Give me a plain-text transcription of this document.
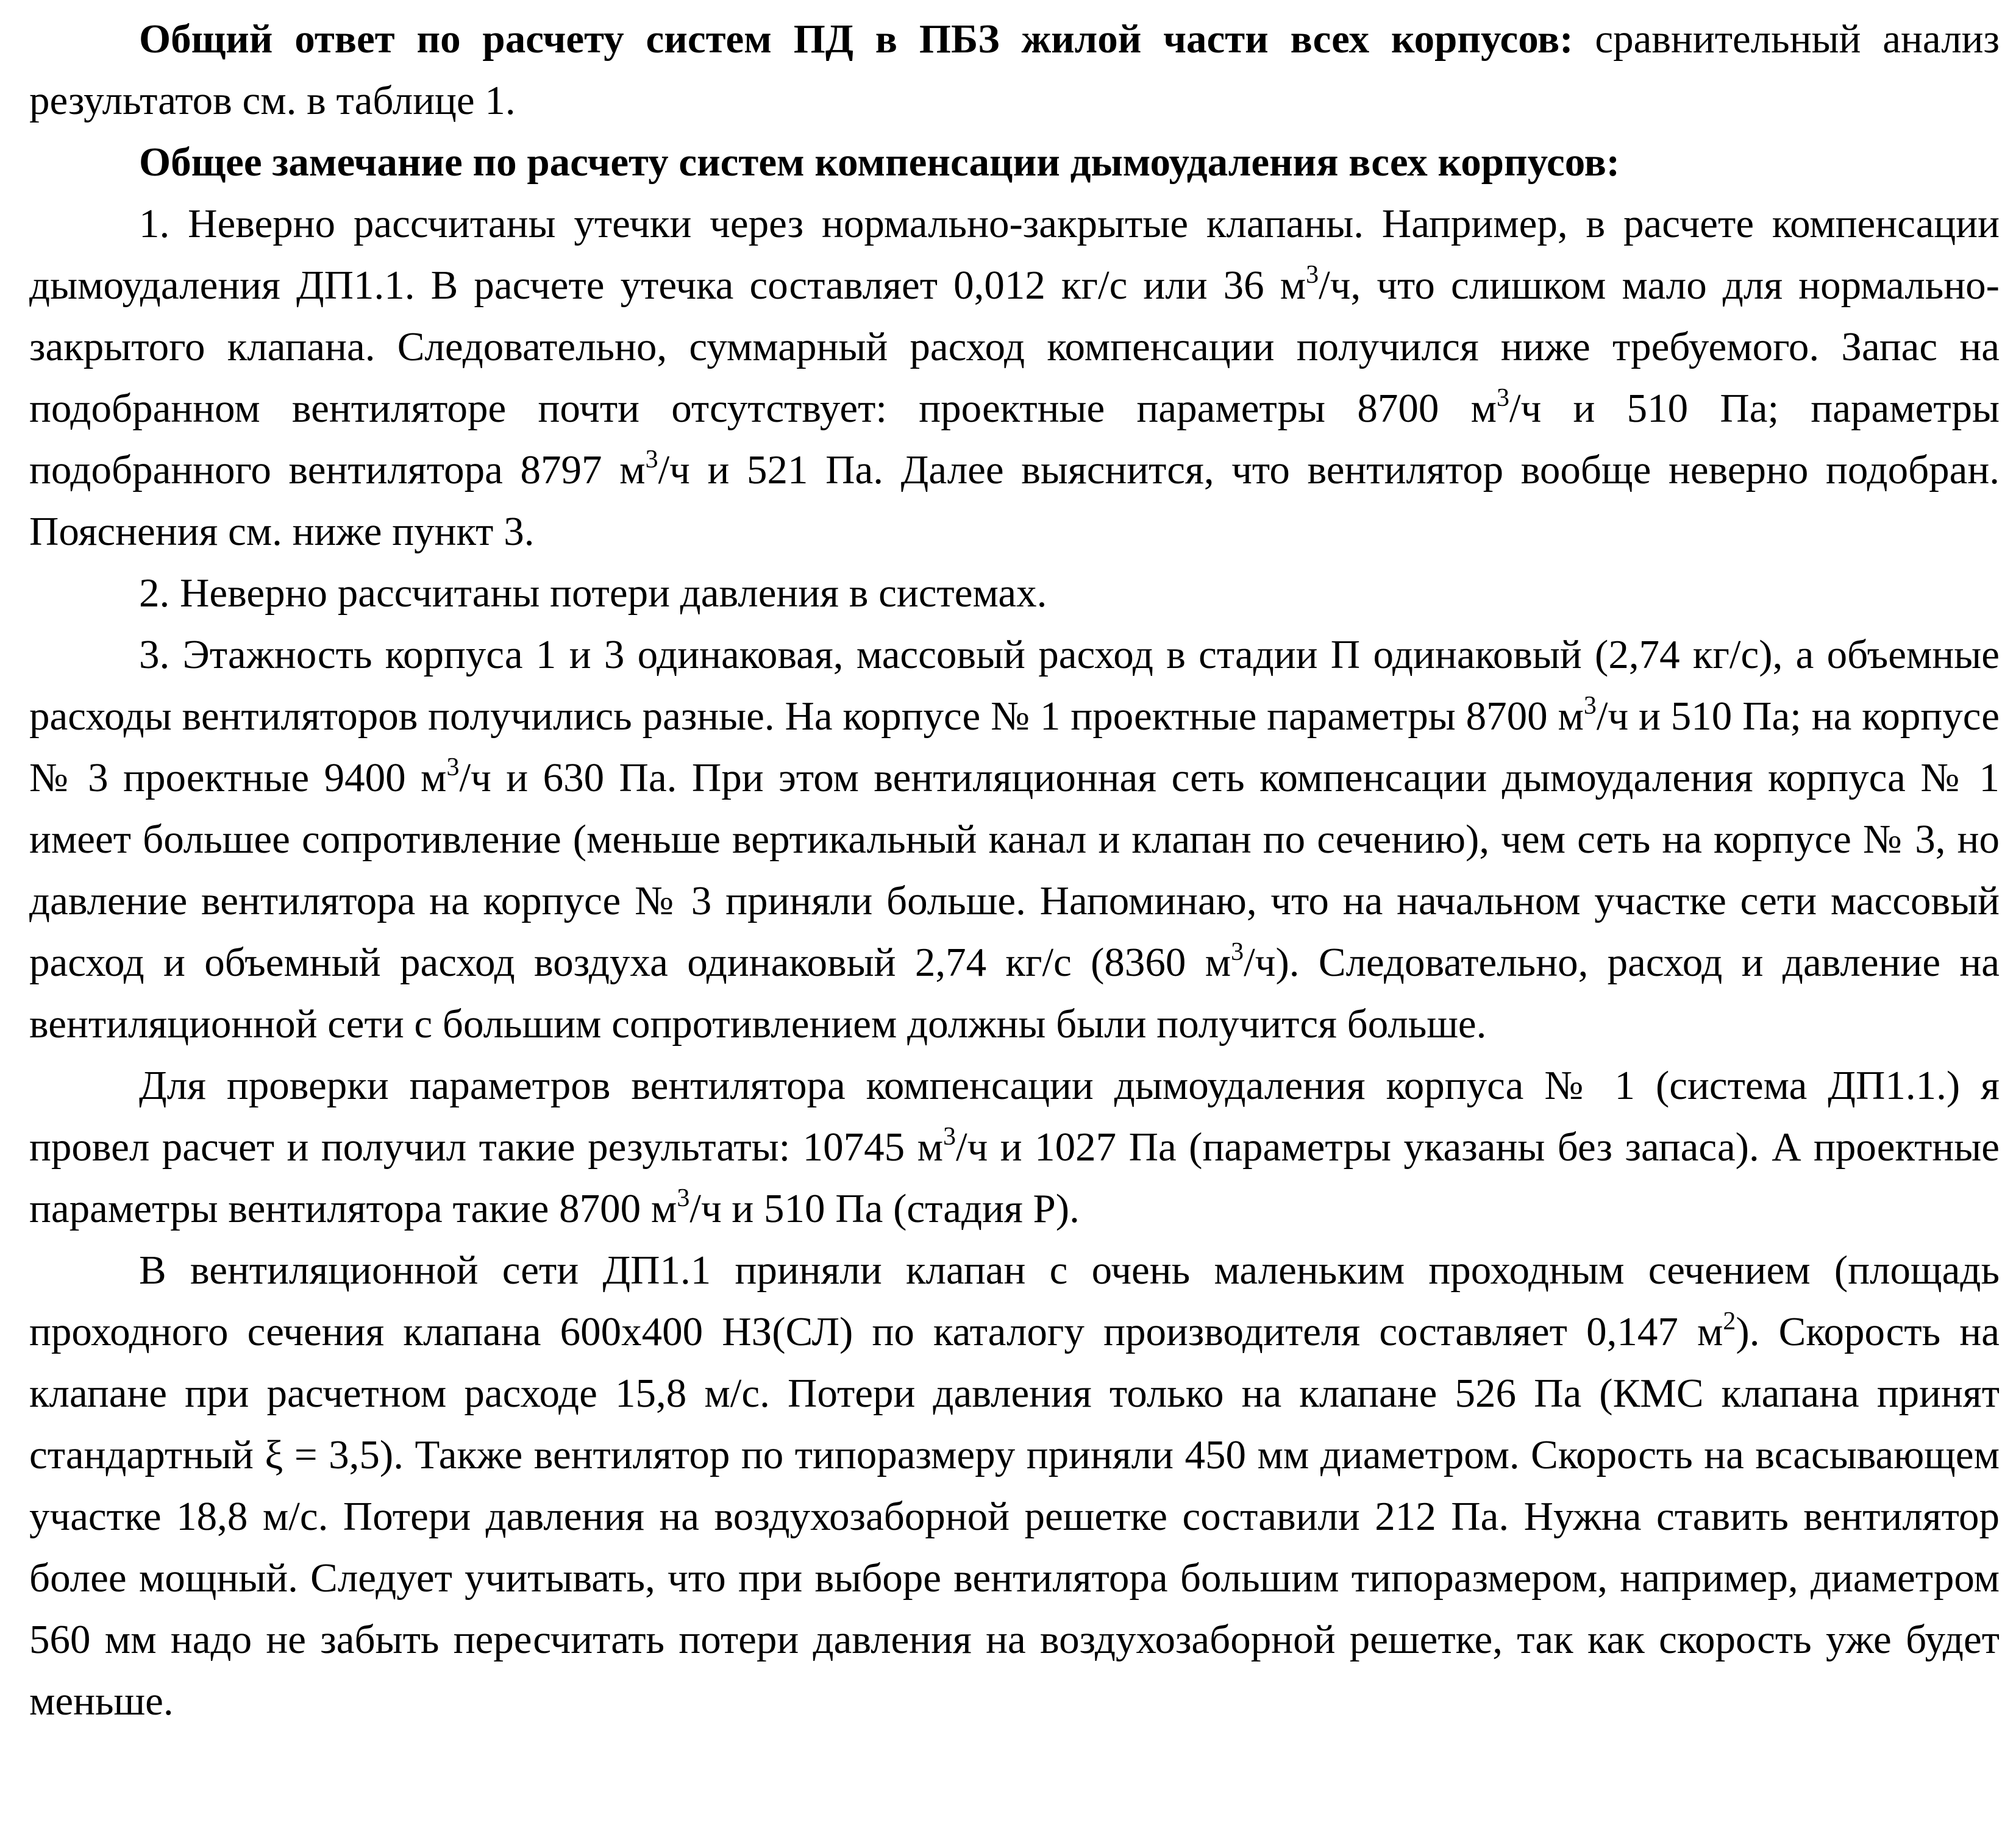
Общий ответ по расчету систем ПД в ПБЗ жилой части всех корпусов: сравнительный анализ результатов см. в таблице 1.

Общее замечание по расчету систем компенсации дымоудаления всех корпусов:

1. Неверно рассчитаны утечки через нормально-закрытые клапаны. Например, в расчете компенсации дымоудаления ДП1.1. В расчете утечка составляет 0,012 кг/с или 36 $м^3/ч$, что слишком мало для нормально-закрытого клапана. Следовательно, суммарный расход компенсации получился ниже требуемого. Запас на подобранном вентиляторе почти отсутствует: проектные параметры 8700 $м^3/ч$ и 510 Па; параметры подобранного вентилятора 8797 $м^3/ч$ и 521 Па. Далее выяснится, что вентилятор вообще неверно подобран. Пояснения см. ниже пункт 3.

2. Неверно рассчитаны потери давления в системах.

3. Этажность корпуса 1 и 3 одинаковая, массовый расход в стадии П одинаковый (2,74 кг/с), а объемные расходы вентиляторов получились разные. На корпусе № 1 проектные параметры 8700 $м^3/ч$ и 510 Па; на корпусе № 3 проектные 9400 $м^3/ч$ и 630 Па. При этом вентиляционная сеть компенсации дымоудаления корпуса № 1 имеет большее сопротивление (меньше вертикальный канал и клапан по сечению), чем сеть на корпусе № 3, но давление вентилятора на корпусе № 3 приняли больше. Напоминаю, что на начальном участке сети массовый расход и объемный расход воздуха одинаковый 2,74 кг/с (8360 $м^3/ч$). Следовательно, расход и давление на вентиляционной сети с большим сопротивлением должны были получится больше.

Для проверки параметров вентилятора компенсации дымоудаления корпуса № 1 (система ДП1.1.) я провел расчет и получил такие результаты: 10745 $м^3/ч$ и 1027 Па (параметры указаны без запаса). А проектные параметры вентилятора такие 8700 $м^3/ч$ и 510 Па (стадия Р).

В вентиляционной сети ДП1.1 приняли клапан с очень маленьким проходным сечением (площадь проходного сечения клапана 600х400 НЗ(СЛ) по каталогу производителя составляет 0,147 $м^2$). Скорость на клапане при расчетном расходе 15,8 м/с. Потери давления только на клапане 526 Па (КМС клапана принят стандартный ξ = 3,5). Также вентилятор по типоразмеру приняли 450 мм диаметром. Скорость на всасывающем участке 18,8 м/с. Потери давления на воздухозаборной решетке составили 212 Па. Нужна ставить вентилятор более мощный. Следует учитывать, что при выборе вентилятора большим типоразмером, например, диаметром 560 мм надо не забыть пересчитать потери давления на воздухозаборной решетке, так как скорость уже будет меньше.
